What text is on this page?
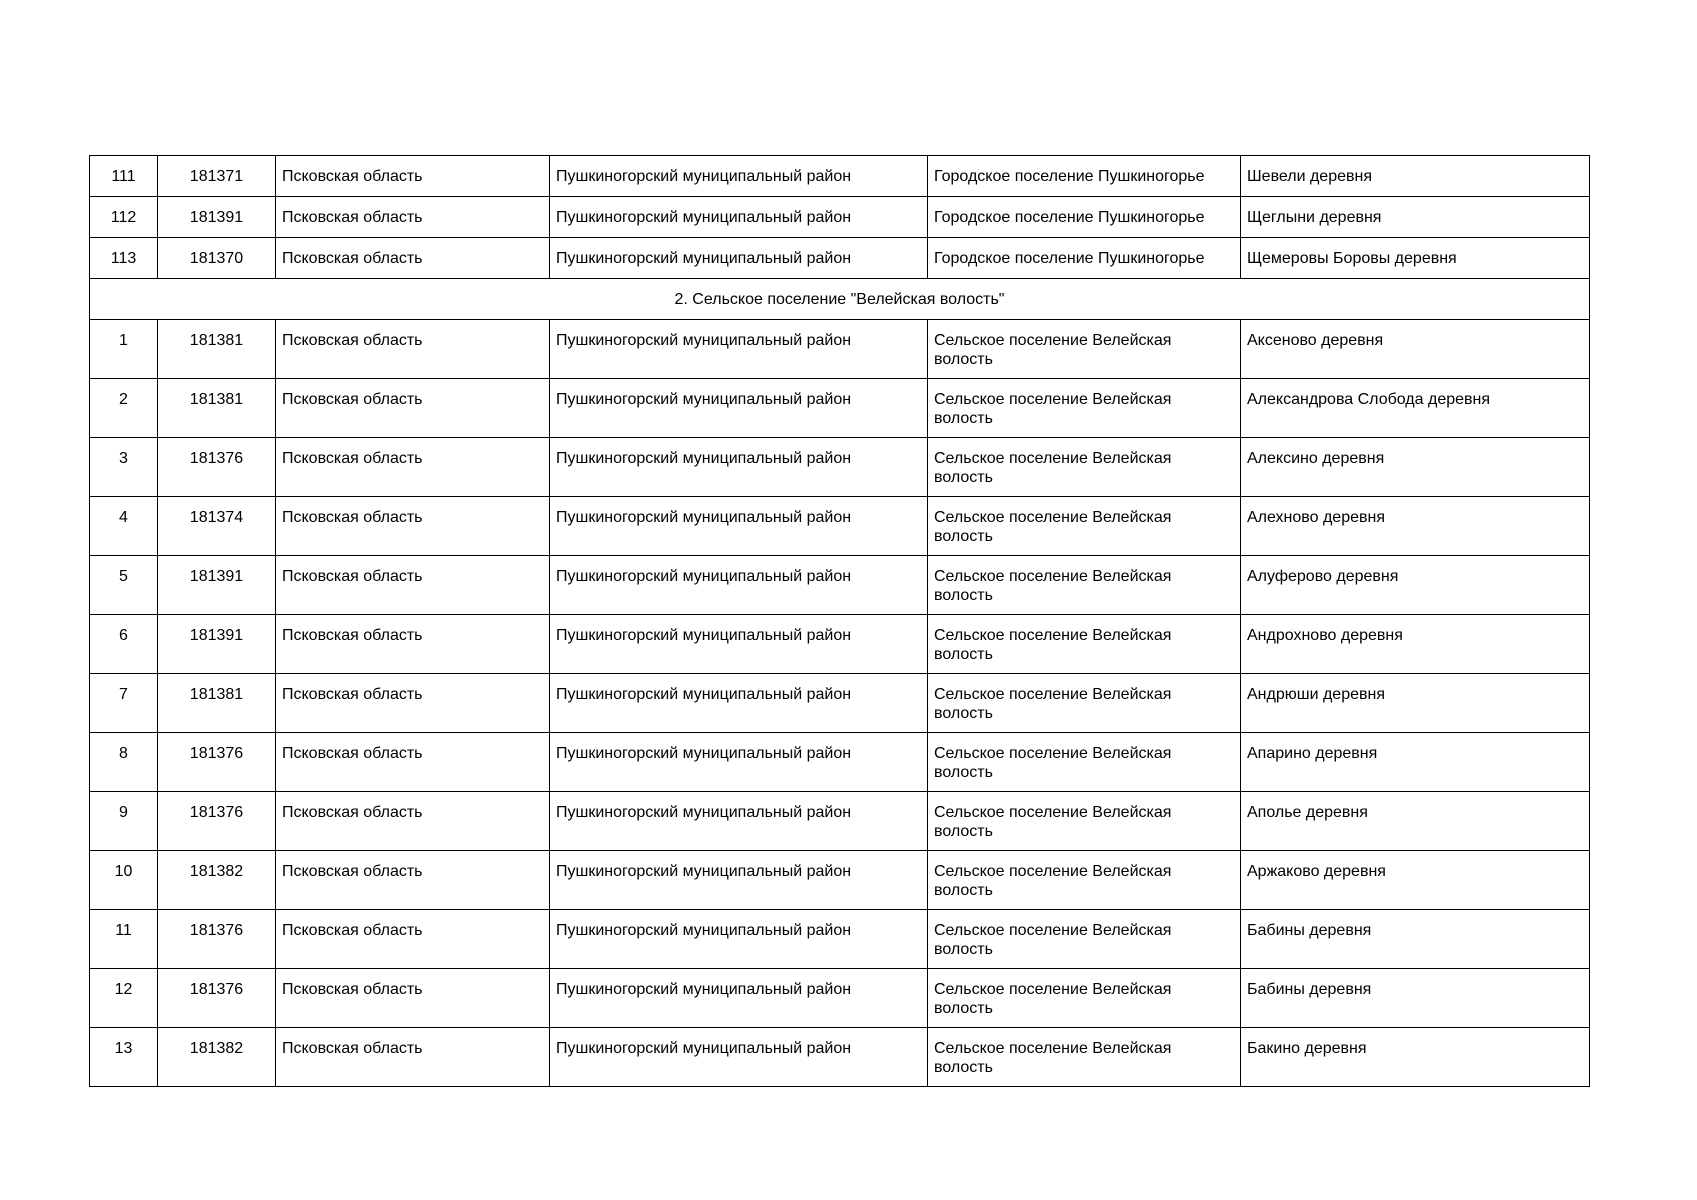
111	181371	Псковская область	Пушкиногорский муниципальный район	Городское поселение Пушкиногорье	Шевели деревня
112	181391	Псковская область	Пушкиногорский муниципальный район	Городское поселение Пушкиногорье	Щеглыни деревня
113	181370	Псковская область	Пушкиногорский муниципальный район	Городское поселение Пушкиногорье	Щемеровы Боровы деревня
2. Сельское поселение "Велейская волость"					
1	181381	Псковская область	Пушкиногорский муниципальный район	Сельское поселение Велейская волость	Аксеново деревня
2	181381	Псковская область	Пушкиногорский муниципальный район	Сельское поселение Велейская волость	Александрова Слобода деревня
3	181376	Псковская область	Пушкиногорский муниципальный район	Сельское поселение Велейская волость	Алексино деревня
4	181374	Псковская область	Пушкиногорский муниципальный район	Сельское поселение Велейская волость	Алехново деревня
5	181391	Псковская область	Пушкиногорский муниципальный район	Сельское поселение Велейская волость	Алуферово деревня
6	181391	Псковская область	Пушкиногорский муниципальный район	Сельское поселение Велейская волость	Андрохново деревня
7	181381	Псковская область	Пушкиногорский муниципальный район	Сельское поселение Велейская волость	Андрюши деревня
8	181376	Псковская область	Пушкиногорский муниципальный район	Сельское поселение Велейская волость	Апарино деревня
9	181376	Псковская область	Пушкиногорский муниципальный район	Сельское поселение Велейская волость	Аполье деревня
10	181382	Псковская область	Пушкиногорский муниципальный район	Сельское поселение Велейская волость	Аржаково деревня
11	181376	Псковская область	Пушкиногорский муниципальный район	Сельское поселение Велейская волость	Бабины деревня
12	181376	Псковская область	Пушкиногорский муниципальный район	Сельское поселение Велейская волость	Бабины деревня
13	181382	Псковская область	Пушкиногорский муниципальный район	Сельское поселение Велейская волость	Бакино деревня
